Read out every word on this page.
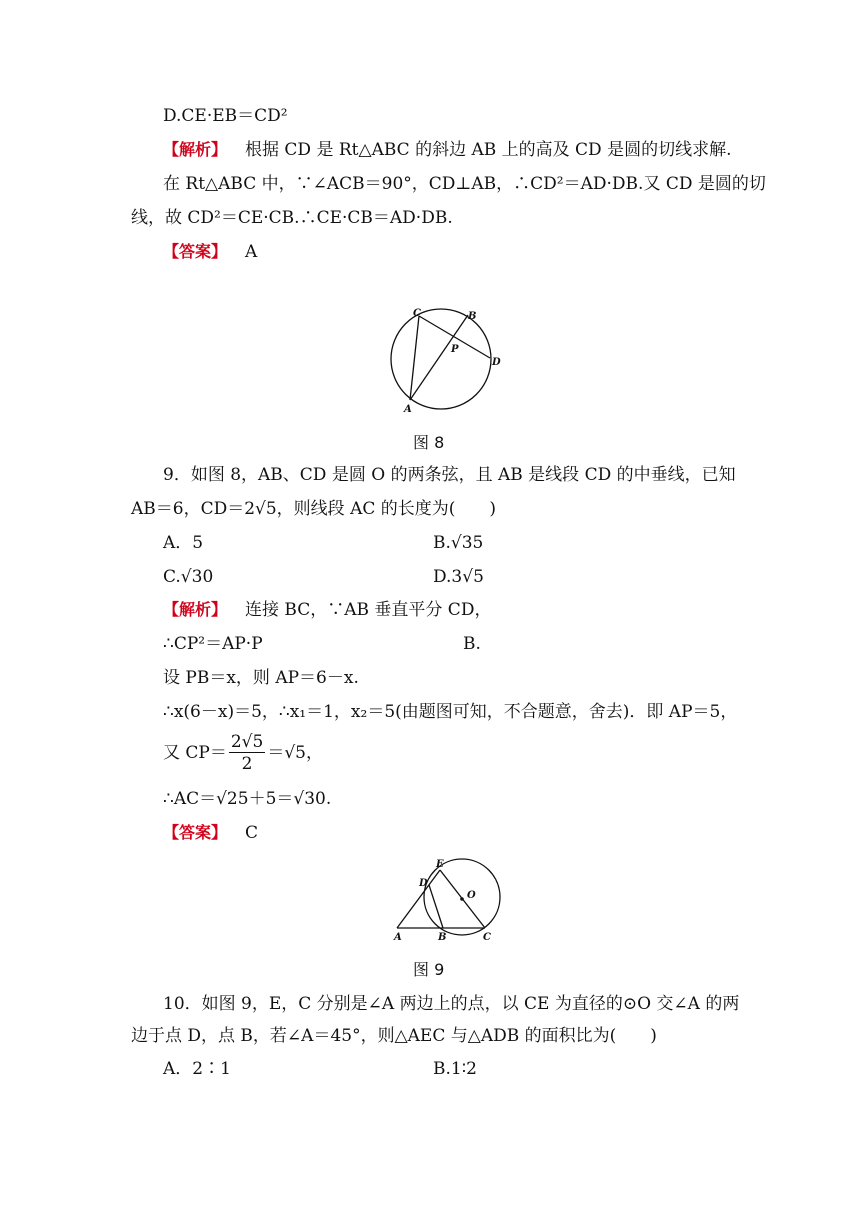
D.CE·EB＝CD²
【解析】 根据 CD 是 Rt△ABC 的斜边 AB 上的高及 CD 是圆的切线求解.
在 Rt△ABC 中，∵∠ACB＝90°，CD⊥AB，∴CD²＝AD·DB.又 CD 是圆的切
线，故 CD²＝CE·CB.∴CE·CB＝AD·DB.
【答案】 A
C	B
P
D
A
图 8
9．如图 8，AB、CD 是圆 O 的两条弦，且 AB 是线段 CD 的中垂线，已知
AB＝6，CD＝2√5，则线段 AC 的长度为(　　)
A．5	B.√35
C.√30	D.3√5
【解析】 连接 BC，∵AB 垂直平分 CD，
∴CP²＝AP·P	B.
设 PB＝x，则 AP＝6－x.
∴x(6－x)＝5，∴x₁＝1，x₂＝5(由题图可知，不合题意，舍去)．即 AP＝5，
又 $CP= \frac{2√5}{2} =√5$，
∴AC＝√25＋5＝√30.
【答案】 C
E
D
O
A	B	C
图 9
10．如图 9，E，C 分别是∠A 两边上的点，以 CE 为直径的⊙O 交∠A 的两
边于点 D，点 B，若∠A＝45°，则△AEC 与△ADB 的面积比为(　　)
A．2∶1	B.1∶2
